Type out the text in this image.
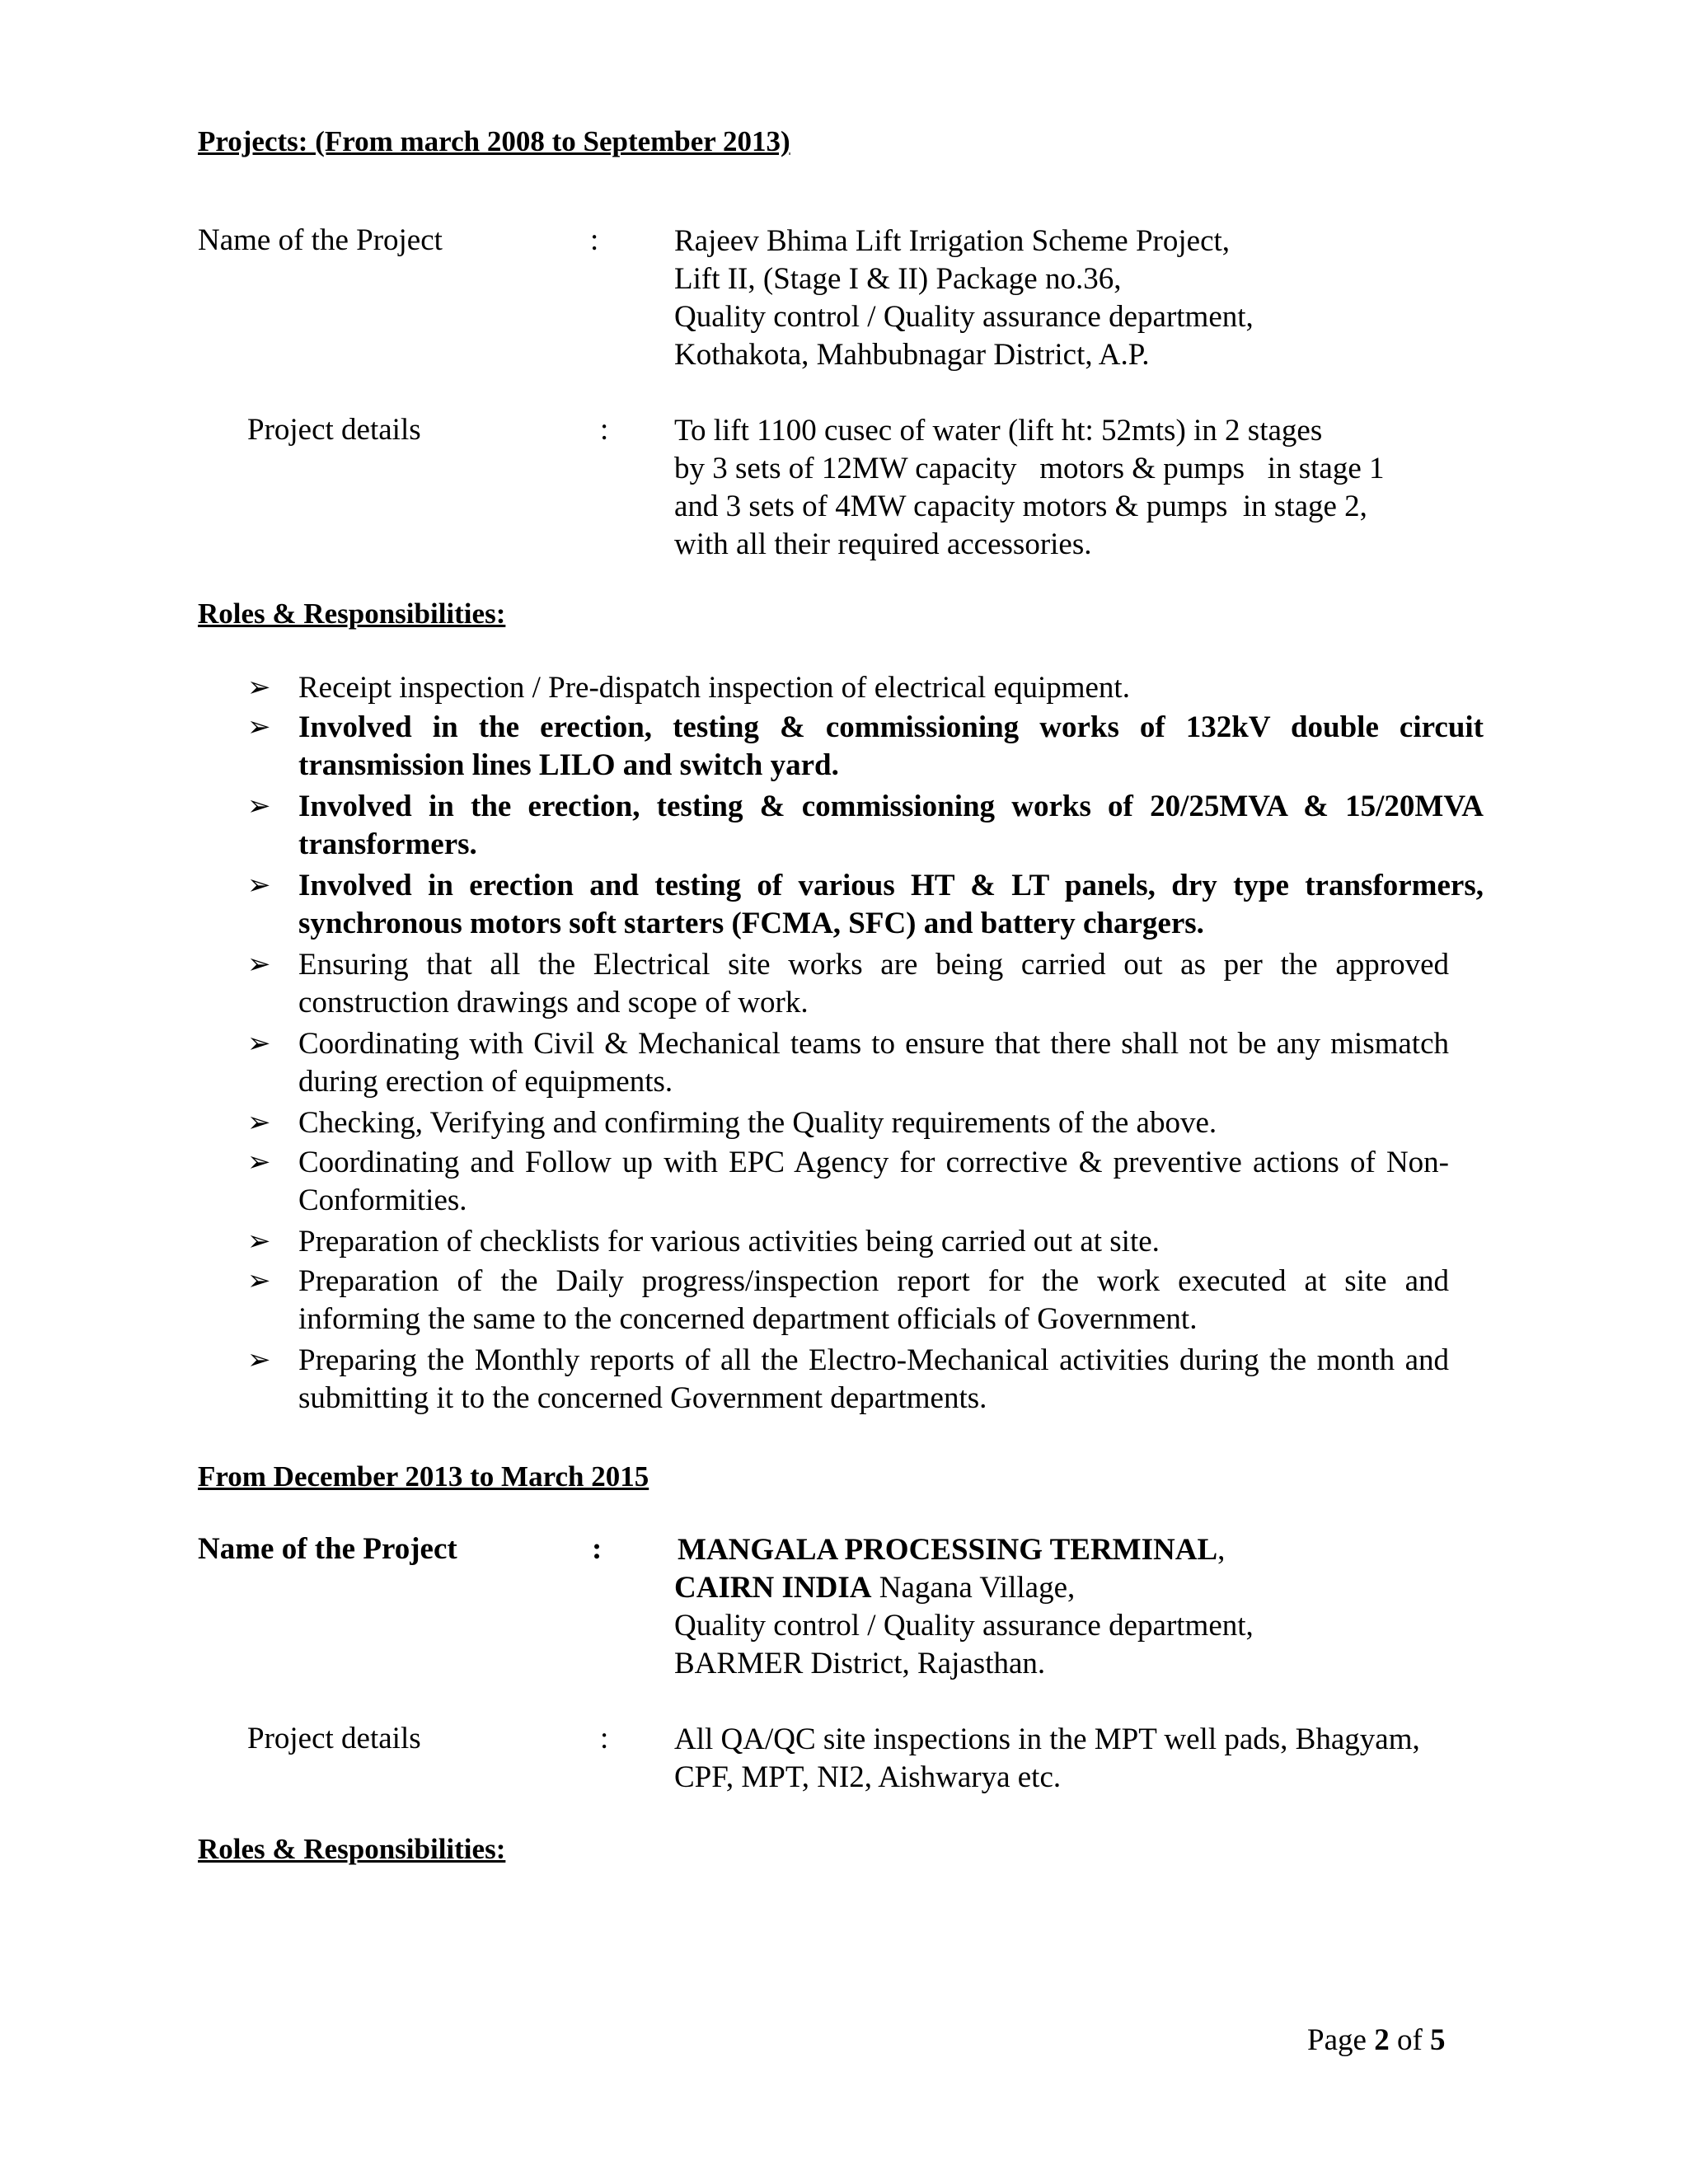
Projects: (From march 2008 to September 2013)
Name of the Project	: Rajeev Bhima Lift Irrigation Scheme Project,
Lift II, (Stage I & II) Package no.36,
Quality control / Quality assurance department,
Kothakota, Mahbubnagar District, A.P.
Project details	: To lift 1100 cusec of water (lift ht: 52mts) in 2 stages
by 3 sets of 12MW capacity   motors & pumps   in stage 1
and 3 sets of 4MW capacity motors & pumps  in stage 2,
with all their required accessories.
Roles & Responsibilities:
➢ Receipt inspection / Pre-dispatch inspection of electrical equipment.
➢ Involved in the erection, testing & commissioning works of 132kV double circuit transmission lines LILO and switch yard.
➢ Involved in the erection, testing & commissioning works of 20/25MVA & 15/20MVA transformers.
➢ Involved in erection and testing of various HT & LT panels, dry type transformers, synchronous motors soft starters (FCMA, SFC) and battery chargers.
➢ Ensuring that all the Electrical site works are being carried out as per the approved construction drawings and scope of work.
➢ Coordinating with Civil & Mechanical teams to ensure that there shall not be any mismatch during erection of equipments.
➢ Checking, Verifying and confirming the Quality requirements of the above.
➢ Coordinating and Follow up with EPC Agency for corrective & preventive actions of Non-Conformities.
➢ Preparation of checklists for various activities being carried out at site.
➢ Preparation of the Daily progress/inspection report for the work executed at site and informing the same to the concerned department officials of Government.
➢ Preparing the Monthly reports of all the Electro-Mechanical activities during the month and submitting it to the concerned Government departments.
From December 2013 to March 2015
Name of the Project	: MANGALA PROCESSING TERMINAL,
CAIRN INDIA Nagana Village,
Quality control / Quality assurance department,
BARMER District, Rajasthan.
Project details	: All QA/QC site inspections in the MPT well pads, Bhagyam,
CPF, MPT, NI2, Aishwarya etc.
Roles & Responsibilities:
Page 2 of 5
